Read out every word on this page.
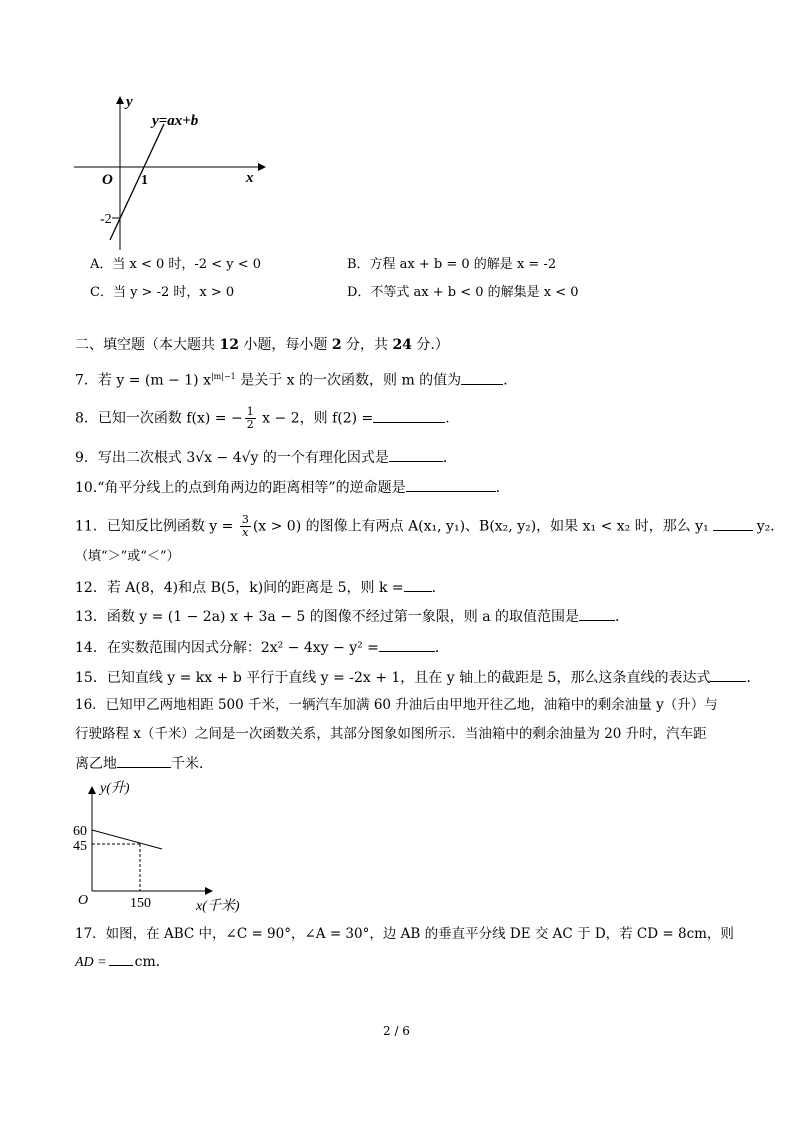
y
x
O 1
-2
y=ax+b
A．当 x < 0 时，-2 < y < 0	B．方程 ax + b = 0 的解是 x = -2
C．当 y > -2 时，x > 0	D．不等式 ax + b < 0 的解集是 x < 0
二、填空题（本大题共 12 小题，每小题 2 分，共 24 分.）
7．若 y = (m − 1) $x^{|m|-1}$ 是关于 x 的一次函数，则 m 的值为	．
8．已知一次函数 f(x) = − $\frac{1}{2}$ x − 2，则 f(2) =	．
9．写出二次根式 3√x − 4√y 的一个有理化因式是	．
10.“角平分线上的点到角两边的距离相等”的逆命题是	．
11．已知反比例函数 $y = \frac{3}{x} (x > 0)$ 的图像上有两点 A(x₁, y₁)、B(x₂, y₂)，如果 x₁ < x₂ 时，那么 y₁	y₂．
（填“＞”或“＜”）
12．若 A(8，4)和点 B(5，k)间的距离是 5，则 k = ．
13．函数 y = (1 − 2a) x + 3a − 5 的图像不经过第一象限，则 a 的取值范围是	．
14．在实数范围内因式分解：2x² − 4xy − y² =	．
15．已知直线 y = kx + b 平行于直线 y = -2x + 1，且在 y 轴上的截距是 5，那么这条直线的表达式	．
16．已知甲乙两地相距 500 千米，一辆汽车加满 60 升油后由甲地开往乙地，油箱中的剩余油量 y（升）与
行驶路程 x（千米）之间是一次函数关系，其部分图象如图所示．当油箱中的剩余油量为 20 升时，汽车距
离乙地	千米．
y(升)
x(千米)
O
60
45
150
17．如图，在 ABC 中，∠C = 90°，∠A = 30°，边 AB 的垂直平分线 DE 交 AC 于 D，若 CD = 8cm，则
AD = cm．
2 / 6
